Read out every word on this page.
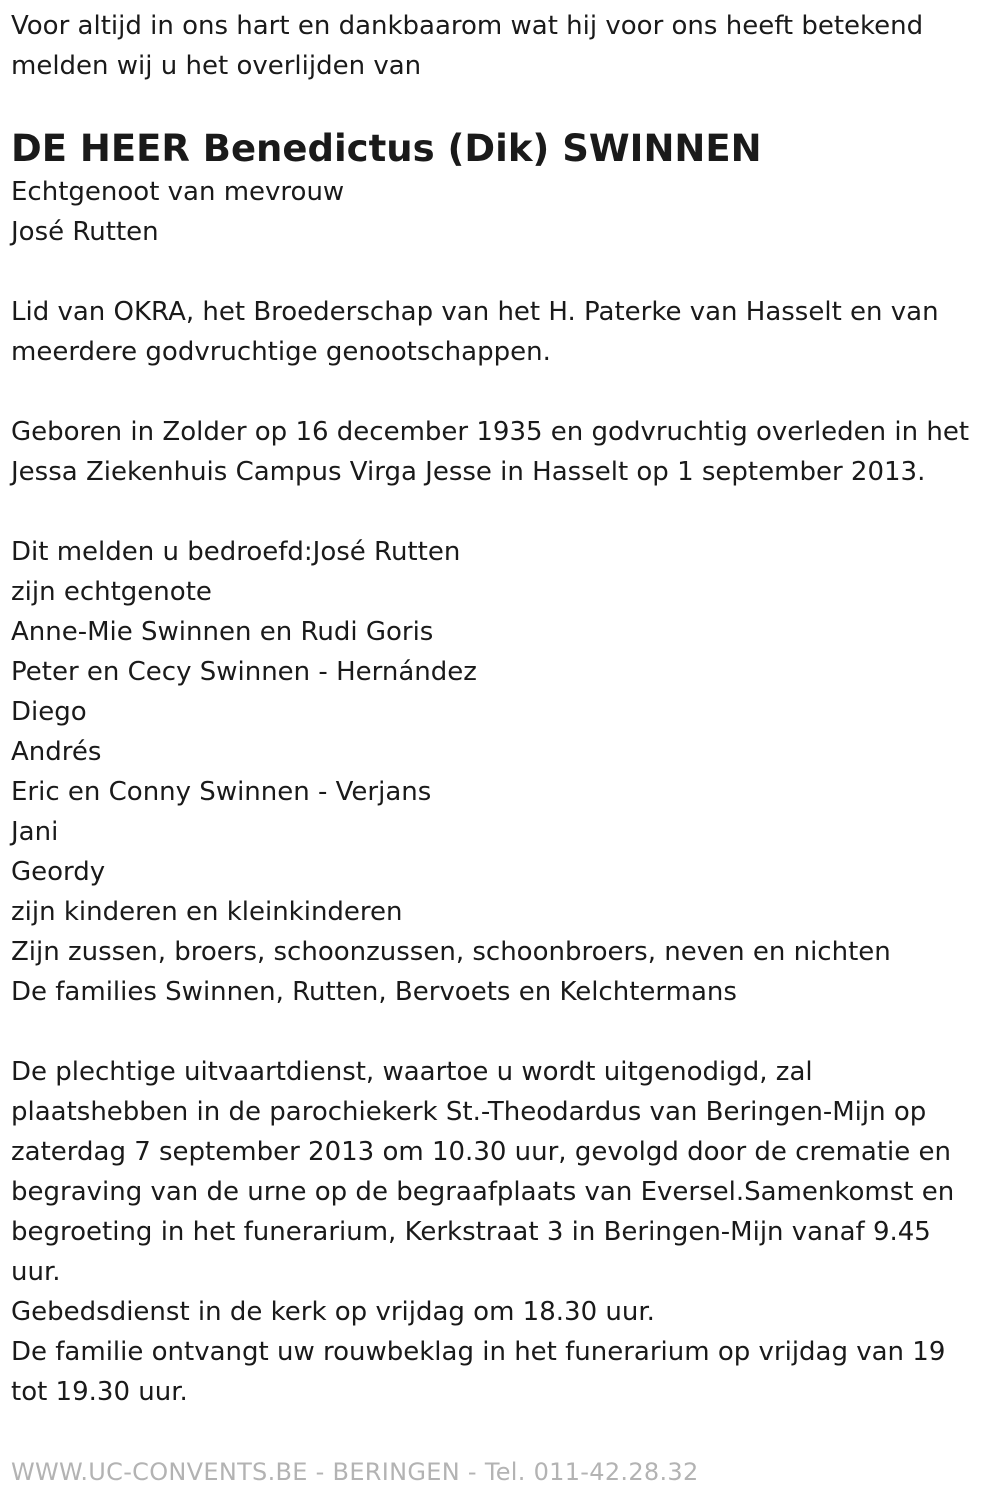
Voor altijd in ons hart en dankbaarom wat hij voor ons heeft betekend

melden wij u het overlijden van

DE HEER Benedictus (Dik) SWINNEN

Echtgenoot van mevrouw

José Rutten

Lid van OKRA, het Broederschap van het H. Paterke van Hasselt en van

meerdere godvruchtige genootschappen.

Geboren in Zolder op 16 december 1935 en godvruchtig overleden in het

Jessa Ziekenhuis Campus Virga Jesse in Hasselt op 1 september 2013.

Dit melden u bedroefd:José Rutten

zijn echtgenote

Anne-Mie Swinnen en Rudi Goris

Peter en Cecy Swinnen - Hernández

Diego

Andrés

Eric en Conny Swinnen - Verjans

Jani

Geordy

zijn kinderen en kleinkinderen

Zijn zussen, broers, schoonzussen, schoonbroers, neven en nichten

De families Swinnen, Rutten, Bervoets en Kelchtermans

De plechtige uitvaartdienst, waartoe u wordt uitgenodigd, zal

plaatshebben in de parochiekerk St.-Theodardus van Beringen-Mijn op

zaterdag 7 september 2013 om 10.30 uur, gevolgd door de crematie en

begraving van de urne op de begraafplaats van Eversel.Samenkomst en

begroeting in het funerarium, Kerkstraat 3 in Beringen-Mijn vanaf 9.45

uur.

Gebedsdienst in de kerk op vrijdag om 18.30 uur.

De familie ontvangt uw rouwbeklag in het funerarium op vrijdag van 19

tot 19.30 uur.

WWW.UC-CONVENTS.BE - BERINGEN - Tel. 011-42.28.32
